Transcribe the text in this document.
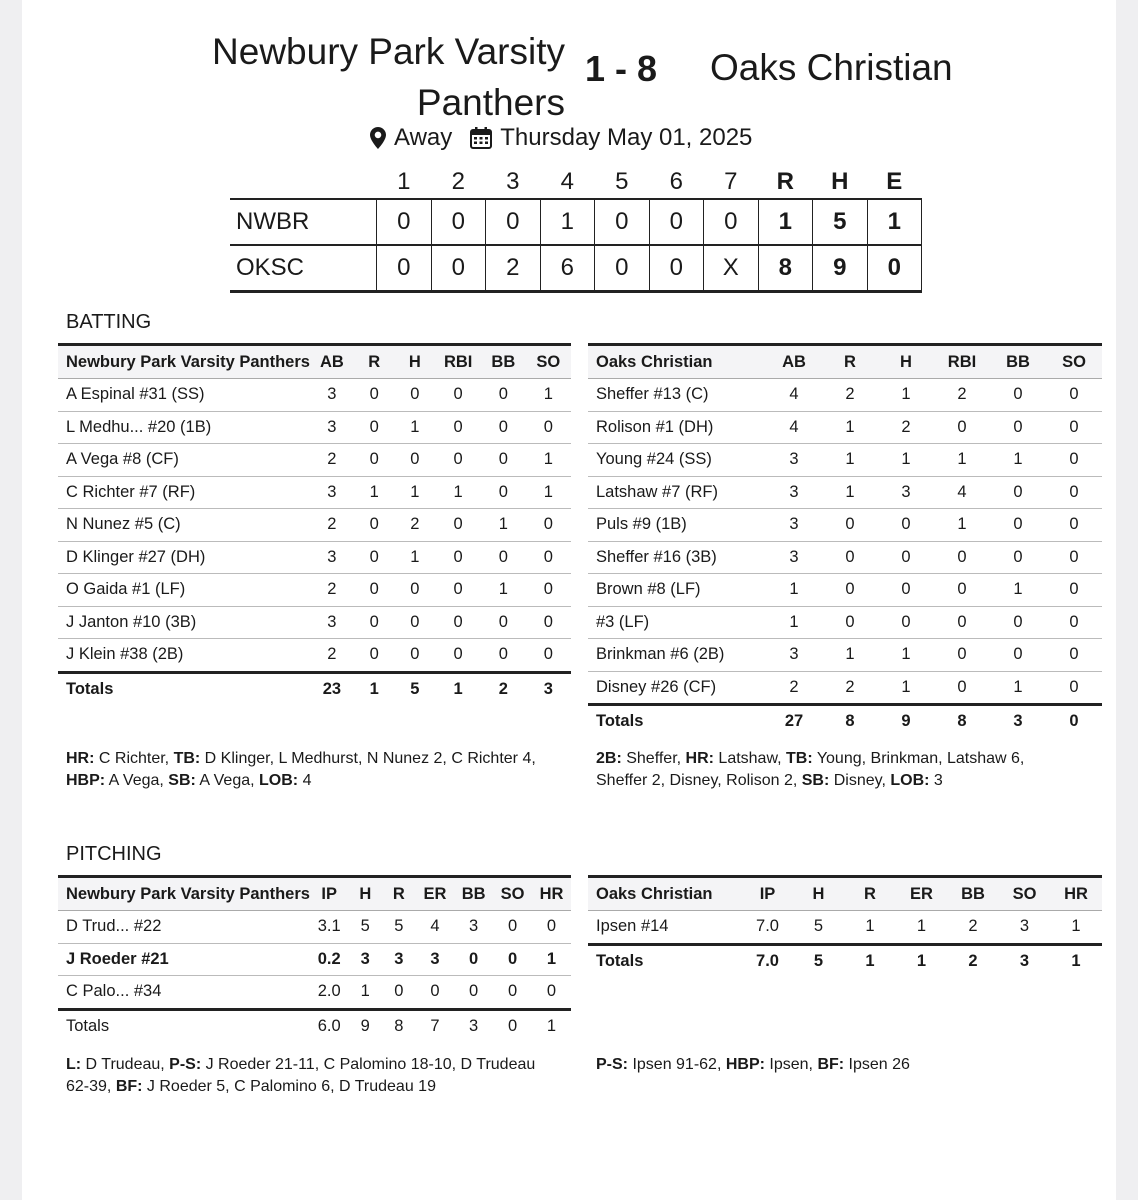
Newbury Park Varsity Panthers
1 - 8 Oaks Christian
Away Thursday May 01, 2025
	1	2	3	4	5	6	7	R	H	E
NWBR	0	0	0	1	0	0	0	1	5	1
OKSC	0	0	2	6	0	0	X	8	9	0
BATTING
Newbury Park Varsity Panthers	AB	R	H	RBI	BB	SO
A Espinal #31 (SS)	3	0	0	0	0	1
L Medhu... #20 (1B)	3	0	1	0	0	0
A Vega #8 (CF)	2	0	0	0	0	1
C Richter #7 (RF)	3	1	1	1	0	1
N Nunez #5 (C)	2	0	2	0	1	0
D Klinger #27 (DH)	3	0	1	0	0	0
O Gaida #1 (LF)	2	0	0	0	1	0
J Janton #10 (3B)	3	0	0	0	0	0
J Klein #38 (2B)	2	0	0	0	0	0
Totals	23	1	5	1	2	3
Oaks Christian	AB	R	H	RBI	BB	SO
Sheffer #13 (C)	4	2	1	2	0	0
Rolison #1 (DH)	4	1	2	0	0	0
Young #24 (SS)	3	1	1	1	1	0
Latshaw #7 (RF)	3	1	3	4	0	0
Puls #9 (1B)	3	0	0	1	0	0
Sheffer #16 (3B)	3	0	0	0	0	0
Brown #8 (LF)	1	0	0	0	1	0
#3 (LF)	1	0	0	0	0	0
Brinkman #6 (2B)	3	1	1	0	0	0
Disney #26 (CF)	2	2	1	0	1	0
Totals	27	8	9	8	3	0
HR: C Richter, TB: D Klinger, L Medhurst, N Nunez 2, C Richter 4, HBP: A Vega, SB: A Vega, LOB: 4
2B: Sheffer, HR: Latshaw, TB: Young, Brinkman, Latshaw 6, Sheffer 2, Disney, Rolison 2, SB: Disney, LOB: 3
PITCHING
Newbury Park Varsity Panthers	IP	H	R	ER	BB	SO	HR
D Trud... #22	3.1	5	5	4	3	0	0
J Roeder #21	0.2	3	3	3	0	0	1
C Palo... #34	2.0	1	0	0	0	0	0
Totals	6.0	9	8	7	3	0	1
Oaks Christian	IP	H	R	ER	BB	SO	HR
Ipsen #14	7.0	5	1	1	2	3	1
Totals	7.0	5	1	1	2	3	1
L: D Trudeau, P-S: J Roeder 21-11, C Palomino 18-10, D Trudeau 62-39, BF: J Roeder 5, C Palomino 6, D Trudeau 19
P-S: Ipsen 91-62, HBP: Ipsen, BF: Ipsen 26
